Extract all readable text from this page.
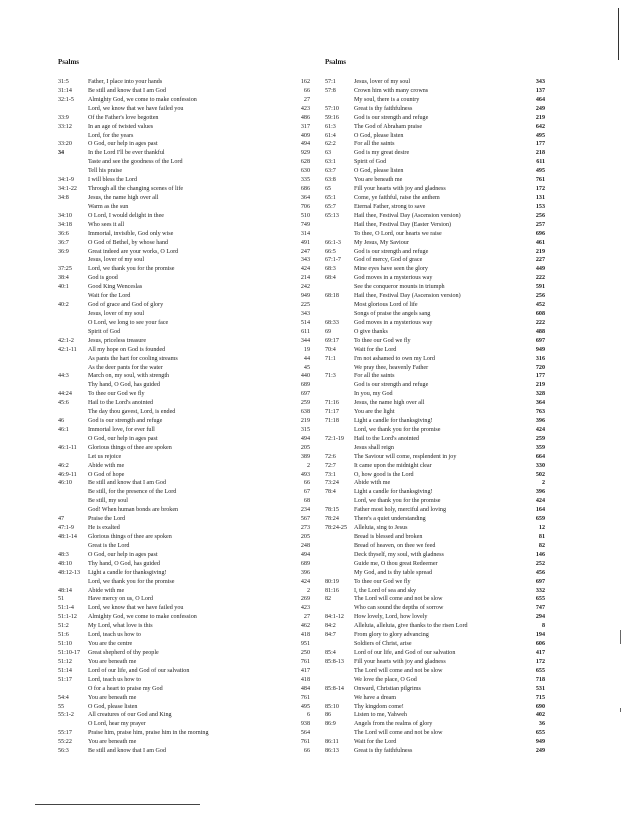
Psalms
31:5	Father, I place into your hands	162
31:14	Be still and know that I am God	66
32:1-5	Almighty God, we come to make confession	27
Lord, we know that we have failed you	423
33:9	Of the Father's love begotten	486
33:12	In an age of twisted values	317
Lord, for the years	409
33:20	O God, our help in ages past	494
34	In the Lord I'll be ever thankful	929
Taste and see the goodness of the Lord	628
Tell his praise	630
34:1-9	I will bless the Lord	335
34:1-22	Through all the changing scenes of life	686
34:8	Jesus, the name high over all	364
Warm as the sun	706
34:10	O Lord, I would delight in thee	510
34:18	Who sees it all	749
36:6	Immortal, invisible, God only wise	314
36:7	O God of Bethel, by whose hand	491
36:9	Great indeed are your works, O Lord	247
Jesus, lover of my soul	343
37:25	Lord, we thank you for the promise	424
38:4	God is good	214
40:1	Good King Wenceslas	242
Wait for the Lord	949
40:2	God of grace and God of glory	225
Jesus, lover of my soul	343
O Lord, we long to see your face	514
Spirit of God	611
42:1-2	Jesus, priceless treasure	344
42:1-11	All my hope on God is founded	19
As pants the hart for cooling streams	44
As the deer pants for the water	45
44:3	March on, my soul, with strength	440
Thy hand, O God, has guided	689
44:24	To thee our God we fly	697
45:6	Hail to the Lord's anointed	259
The day thou gavest, Lord, is ended	638
46	God is our strength and refuge	219
46:1	Immortal love, for ever full	315
O God, our help in ages past	494
46:1-11	Glorious things of thee are spoken	205
Let us rejoice	389
46:2	Abide with me	2
46:9-11	O God of hope	493
46:10	Be still and know that I am God	66
Be still, for the presence of the Lord	67
Be still, my soul	68
God! When human bonds are broken	234
47	Praise the Lord	567
47:1-9	He is exalted	273
48:1-14	Glorious things of thee are spoken	205
Great is the Lord	248
48:3	O God, our help in ages past	494
48:10	Thy hand, O God, has guided	689
48:12-13	Light a candle for thanksgiving!	396
Lord, we thank you for the promise	424
48:14	Abide with me	2
51	Have mercy on us, O Lord	269
51:1-4	Lord, we know that we have failed you	423
51:1-12	Almighty God, we come to make confession	27
51:2	My Lord, what love is this	462
51:6	Lord, teach us how to	418
51:10	You are the centre	951
51:10-17	Great shepherd of thy people	250
51:12	You are beneath me	761
51:14	Lord of our life, and God of our salvation	417
51:17	Lord, teach us how to	418
O for a heart to praise my God	484
54:4	You are beneath me	761
55	O God, please listen	495
55:1-2	All creatures of our God and King	6
O Lord, hear my prayer	938
55:17	Praise him, praise him, praise him in the morning	564
55:22	You are beneath me	761
56:3	Be still and know that I am God	66
Psalms
57:1	Jesus, lover of my soul	343
57:8	Crown him with many crowns	137
My soul, there is a country	464
57:10	Great is thy faithfulness	249
59:16	God is our strength and refuge	219
61:3	The God of Abraham praise	642
61:4	O God, please listen	495
62:2	For all the saints	177
63	God is my great desire	218
63:1	Spirit of God	611
63:7	O God, please listen	495
63:8	You are beneath me	761
65	Fill your hearts with joy and gladness	172
65:1	Come, ye faithful, raise the anthem	131
65:7	Eternal Father, strong to save	153
65:13	Hail thee, Festival Day (Ascension version)	256
Hail thee, Festival Day (Easter Version)	257
To thee, O Lord, our hearts we raise	696
66:1-3	My Jesus, My Saviour	461
66:5	God is our strength and refuge	219
67:1-7	God of mercy, God of grace	227
68:3	Mine eyes have seen the glory	449
68:4	God moves in a mysterious way	222
See the conqueror mounts in triumph	591
68:18	Hail thee, Festival Day (Ascension version)	256
Most glorious Lord of life	452
Songs of praise the angels sang	608
68:33	God moves in a mysterious way	222
69	O give thanks	488
69:17	To thee our God we fly	697
70:4	Wait for the Lord	949
71:1	I'm not ashamed to own my Lord	316
We pray thee, heavenly Father	720
71:3	For all the saints	177
God is our strength and refuge	219
In you, my God	328
71:16	Jesus, the name high over all	364
71:17	You are the light	763
71:18	Light a candle for thanksgiving!	396
Lord, we thank you for the promise	424
72:1-19	Hail to the Lord's anointed	259
Jesus shall reign	359
72:6	The Saviour will come, resplendent in joy	664
72:7	It came upon the midnight clear	330
73:1	O, how good is the Lord	502
73:24	Abide with me	2
78:4	Light a candle for thanksgiving!	396
Lord, we thank you for the promise	424
78:15	Father most holy, merciful and loving	164
78:24	There's a quiet understanding	659
78:24-25	Alleluia, sing to Jesus	12
Bread is blessed and broken	81
Bread of heaven, on thee we feed	82
Deck thyself, my soul, with gladness	146
Guide me, O thou great Redeemer	252
My God, and is thy table spread	456
80:19	To thee our God we fly	697
81:16	I, the Lord of sea and sky	332
82	The Lord will come and not be slow	655
Who can sound the depths of sorrow	747
84:1-12	How lovely, Lord, how lovely	294
84:2	Alleluia, alleluia, give thanks to the risen Lord	8
84:7	From glory to glory advancing	194
Soldiers of Christ, arise	606
85:4	Lord of our life, and God of our salvation	417
85:8-13	Fill your hearts with joy and gladness	172
The Lord will come and not be slow	655
We love the place, O God	718
85:8-14	Onward, Christian pilgrims	531
We have a dream	715
85:10	Thy kingdom come!	690
86	Listen to me, Yahweh	402
86:9	Angels from the realms of glory	36
The Lord will come and not be slow	655
86:11	Wait for the Lord	949
86:13	Great is thy faithfulness	249
